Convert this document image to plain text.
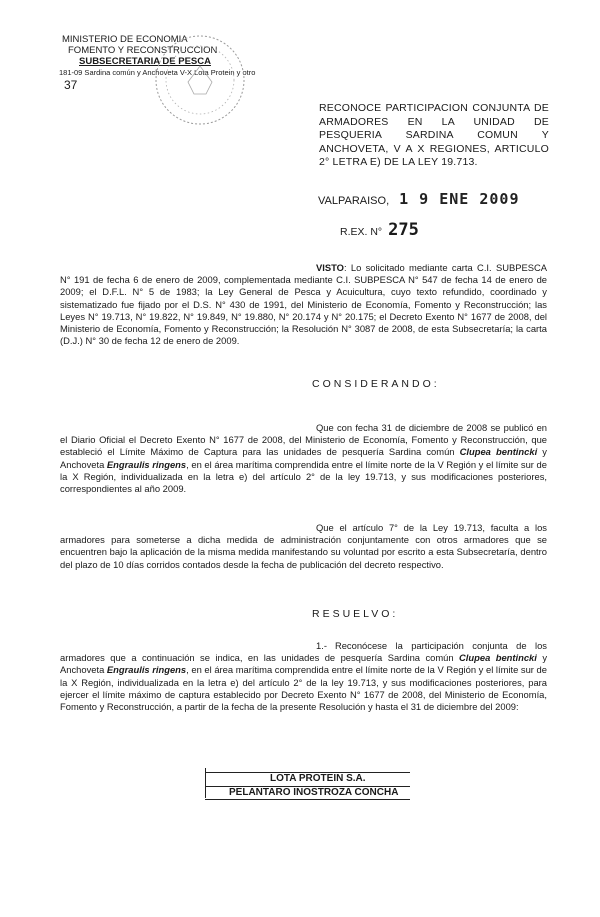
MINISTERIO DE ECONOMIA
FOMENTO Y RECONSTRUCCION
SUBSECRETARIA DE PESCA
181-09 Sardina común y Anchoveta V-X Lota Protein y otro
37
RECONOCE PARTICIPACION CONJUNTA DE ARMADORES EN LA UNIDAD DE PESQUERIA SARDINA COMUN Y ANCHOVETA, V A X REGIONES, ARTICULO 2° LETRA E) DE LA LEY 19.713.
VALPARAISO, 1 9 ENE 2009
R.EX. N° 275
VISTO: Lo solicitado mediante carta C.I. SUBPESCA N° 191 de fecha 6 de enero de 2009, complementada mediante C.I. SUBPESCA N° 547 de fecha 14 de enero de 2009; el D.F.L. N° 5 de 1983; la Ley General de Pesca y Acuicultura, cuyo texto refundido, coordinado y sistematizado fue fijado por el D.S. N° 430 de 1991, del Ministerio de Economía, Fomento y Reconstrucción; las Leyes N° 19.713, N° 19.822, N° 19.849, N° 19.880, N° 20.174 y N° 20.175; el Decreto Exento N° 1677 de 2008, del Ministerio de Economía, Fomento y Reconstrucción; la Resolución N° 3087 de 2008, de esta Subsecretaría; la carta (D.J.) N° 30 de fecha 12 de enero de 2009.
CONSIDERANDO:
Que con fecha 31 de diciembre de 2008 se publicó en el Diario Oficial el Decreto Exento N° 1677 de 2008, del Ministerio de Economía, Fomento y Reconstrucción, que estableció el Límite Máximo de Captura para las unidades de pesquería Sardina común Clupea bentincki y Anchoveta Engraulis ringens, en el área marítima comprendida entre el límite norte de la V Región y el límite sur de la X Región, individualizada en la letra e) del artículo 2° de la ley 19.713, y sus modificaciones posteriores, correspondientes al año 2009.
Que el artículo 7° de la Ley 19.713, faculta a los armadores para someterse a dicha medida de administración conjuntamente con otros armadores que se encuentren bajo la aplicación de la misma medida manifestando su voluntad por escrito a esta Subsecretaría, dentro del plazo de 10 días corridos contados desde la fecha de publicación del decreto respectivo.
RESUELVO:
1.- Reconócese la participación conjunta de los armadores que a continuación se indica, en las unidades de pesquería Sardina común Clupea bentincki y Anchoveta Engraulis ringens, en el área marítima comprendida entre el límite norte de la V Región y el límite sur de la X Región, individualizada en la letra e) del artículo 2° de la ley 19.713, y sus modificaciones posteriores, para ejercer el límite máximo de captura establecido por Decreto Exento N° 1677 de 2008, del Ministerio de Economía, Fomento y Reconstrucción, a partir de la fecha de la presente Resolución y hasta el 31 de diciembre del 2009:
LOTA PROTEIN S.A.
PELANTARO INOSTROZA CONCHA
